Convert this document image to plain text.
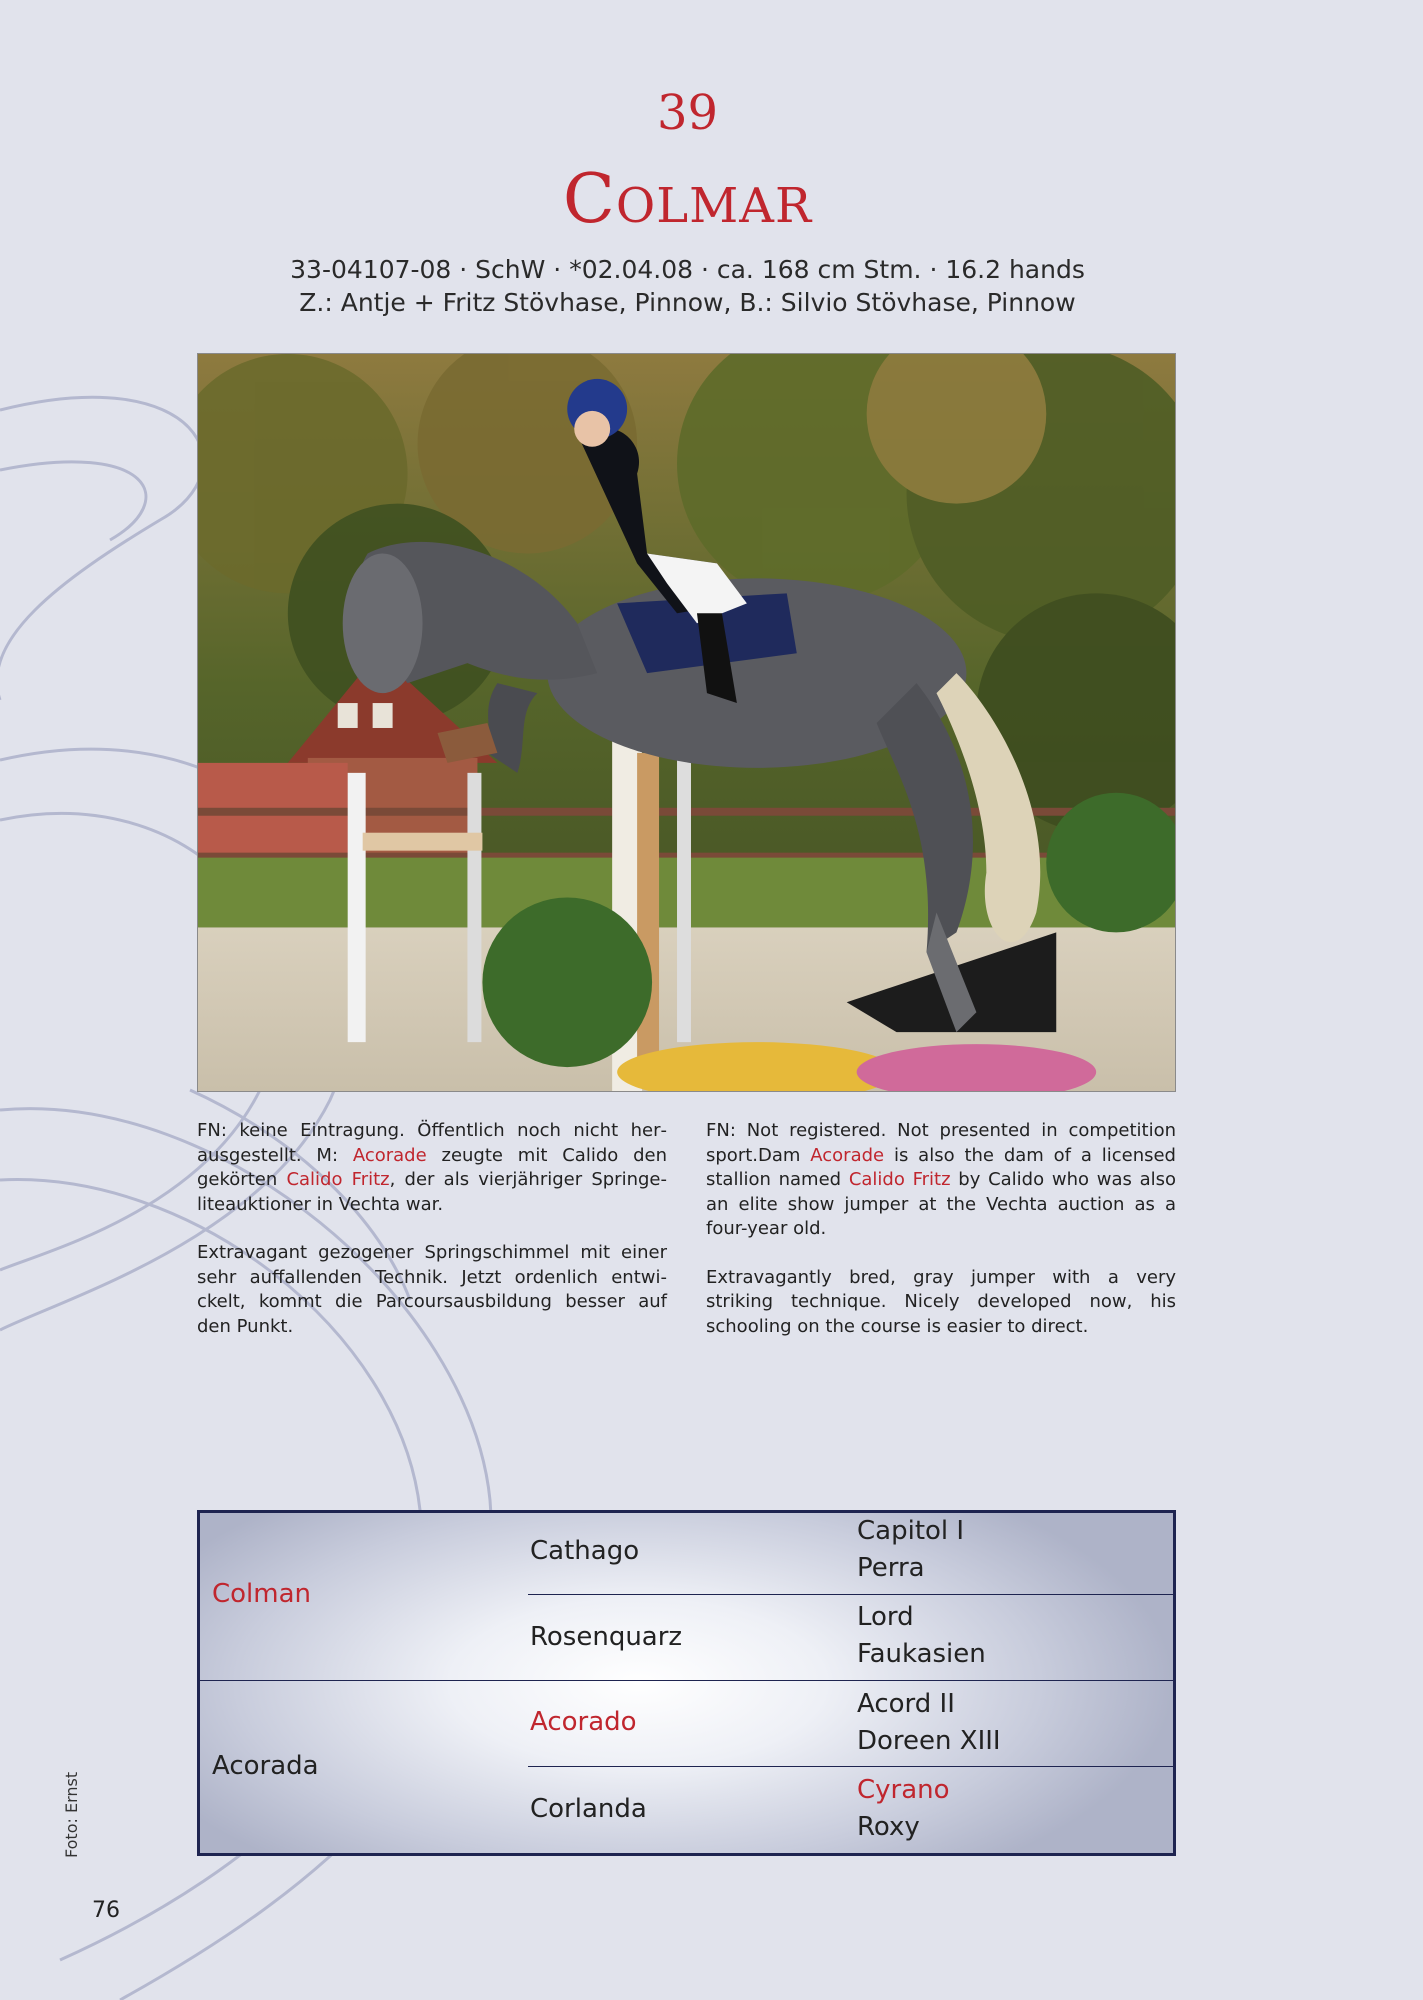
39
Colmar
33-04107-08 · SchW · *02.04.08 · ca. 168 cm Stm. · 16.2 hands
Z.: Antje + Fritz Stövhase, Pinnow, B.: Silvio Stövhase, Pinnow

FN: keine Eintragung. Öffentlich noch nicht herausgestellt. M: Acorade zeugte mit Calido den gekörten Calido Fritz, der als vierjähriger Springeliteauktioner in Vechta war.

Extravagant gezogener Springschimmel mit einer sehr auffallenden Technik. Jetzt ordenlich entwickelt, kommt die Parcoursausbildung besser auf den Punkt.

FN: Not registered. Not presented in competition sport.Dam Acorade is also the dam of a licensed stallion named Calido Fritz by Calido who was also an elite show jumper at the Vechta auction as a four-year old.

Extravagantly bred, gray jumper with a very striking technique. Nicely developed now, his schooling on the course is easier to direct.

Colman
Acorada
Cathago
Rosenquarz
Acorado
Corlanda
Capitol I
Perra
Lord
Faukasien
Acord II
Doreen XIII
Cyrano
Roxy
Foto: Ernst
76
